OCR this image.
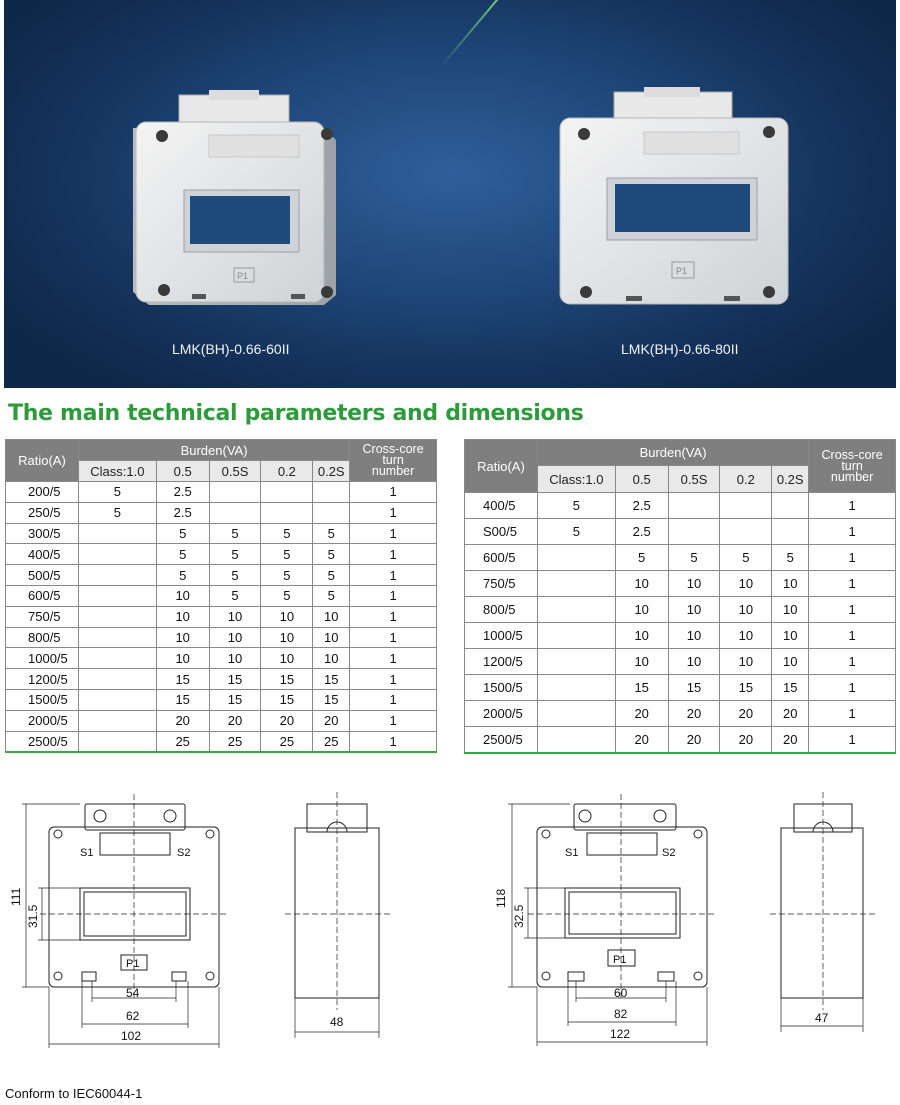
P1	P1
LMK(BH)-0.66-60II	LMK(BH)-0.66-80II
The main technical parameters and dimensions
Ratio(A)	Burden(VA)					Cross-core
turn
number
	Class:1.0	0.5	0.5S	0.2	0.2S	
200/5	5	2.5				1
250/5	5	2.5				1
300/5		5	5	5	5	1
400/5		5	5	5	5	1
500/5		5	5	5	5	1
600/5		10	5	5	5	1
750/5		10	10	10	10	1
800/5		10	10	10	10	1
1000/5		10	10	10	10	1
1200/5		15	15	15	15	1
1500/5		15	15	15	15	1
2000/5		20	20	20	20	1
2500/5		25	25	25	25	1
Ratio(A)	Burden(VA)					Cross-core
turn
number
	Class:1.0	0.5	0.5S	0.2	0.2S	
400/5	5	2.5				1
S00/5	5	2.5				1
600/5		5	5	5	5	1
750/5		10	10	10	10	1
800/5		10	10	10	10	1
1000/5		10	10	10	10	1
1200/5		10	10	10	10	1
1500/5		15	15	15	15	1
2000/5		20	20	20	20	1
2500/5		20	20	20	20	1
S1	S2
P1
S1	S2
P1
111
31.5
54
62
102
48
118
32.5
60
82
122
47
Conform to IEC60044-1
